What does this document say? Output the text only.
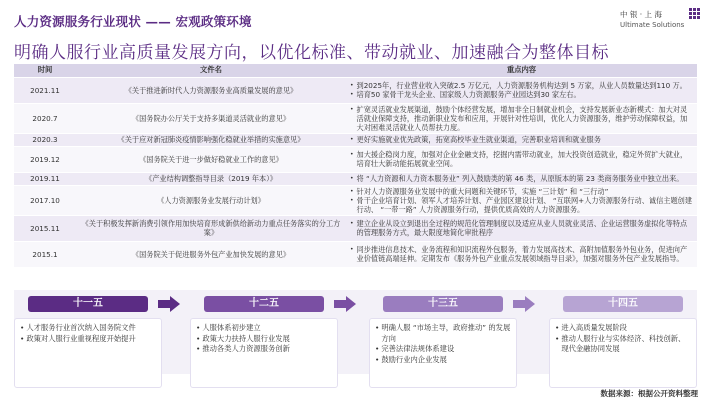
人力资源服务行业现状 —— 宏观政策环境
明确人服行业高质量发展方向，以优化标准、带动就业、加速融合为整体目标
中 银 · 上 海
Ultimate Solutions
时间	文件名	重点内容
2021.11	《关于推进新时代人力资源服务业高质量发展的意见》	• 到2025年，行业营业收入突破2.5 万亿元，人力资源服务机构达到 5 万家，从业人员数量达到110 万。
• 培育50 家骨干龙头企业、国家级人力资源服务产业园达到30 家左右。

2020.7	《国务院办公厅关于支持多渠道灵活就业的意见》	• 扩宽灵活就业发展渠道，鼓励个体经营发展，增加非全日制就业机会，支持发展新业态新模式：加大对灵活就业保障支持，推动新职业发布和应用，开展针对性培训，优化人力资源服务，维护劳动保障权益，加大对困难灵活就业人员帮扶力度。

2020.3	《关于应对新冠肺炎疫情影响强化稳就业举措的实施意见》	• 更好实施就业优先政策，拓宽高校毕业生就业渠道，完善职业培训和就业服务

2019.12	《国务院关于进一步做好稳就业工作的意见》	• 加大援企稳岗力度，加强对企业金融支持，挖掘内需带动就业，加大投资创造就业，稳定外贸扩大就业，培育壮大新动能拓展就业空间。

2019.11	《产业结构调整指导目录（2019 年本）》	• 将 “人力资源和人力资本服务业” 列入鼓励类的第 46 类，从原版本的第 23 类商务服务业中独立出来。

2017.10	《人力资源服务业发展行动计划》	• 针对人力资源服务业发展中的重大问题和关键环节，实施 “三计划” 和 “三行动”
• 骨干企业培育计划、领军人才培养计划、产业园区建设计划、 “互联网+人力资源服务行动、诚信主题创建行动、 “一带一路” 人力资源服务行动，提供优质高效的人力资源服务。

2015.11	《关于积极发挥新消费引领作用加快培育形成新供给新动力重点任务落实的分工方案》	• 建立企业从设立到退出全过程的规范化管理制度以及适应从业人员就业灵活、企业运营服务虚拟化等特点的管理服务方式，最大限度地简化审批程序

2015.1	《国务院关于促进服务外包产业加快发展的意见》	• 同步推进信息技术、业务流程和知识流程外包服务，着力发展高技术、高附加值服务外包业务，促进向产业价值链高端延伸。定期发布《服务外包产业重点发展领域指导目录》，加强对服务外包产业发展指导。
十一五
• 人才服务行业首次纳入国务院文件
• 政策对人服行业重视程度开始提升
十二五
• 人服体系初步建立
• 政策大力扶持人服行业发展
• 推动各类人力资源服务创新
十三五
• 明确人服 “市场主导，政府推动” 的发展方向
• 完善法律法规体系建设
• 鼓励行业内企业发展
十四五
• 进入高质量发展阶段
• 推动人服行业与实体经济、科技创新、现代金融协同发展
数据来源：根据公开资料整理
